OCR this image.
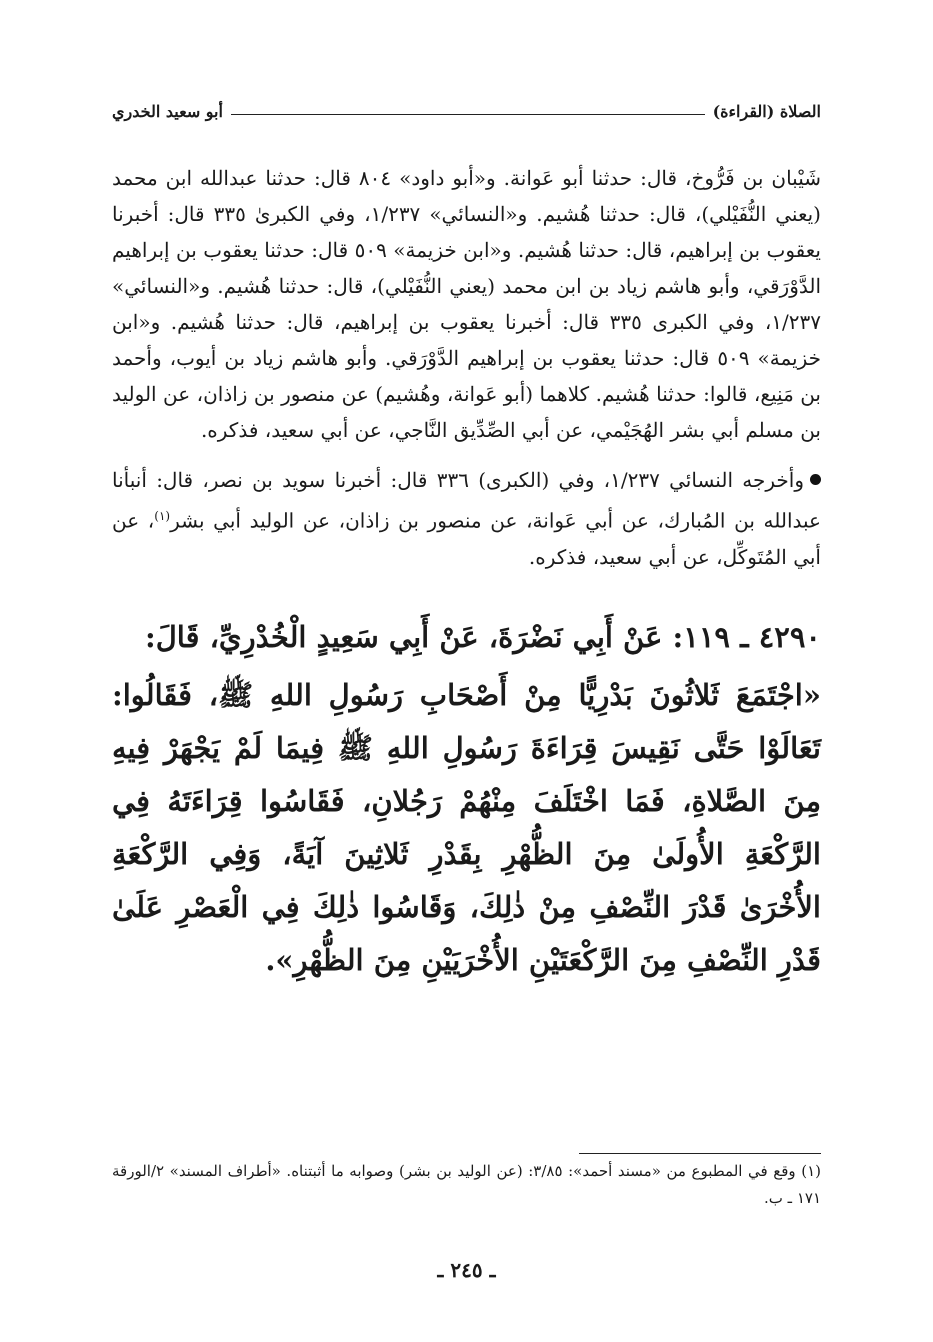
الصلاة (القراءة)
أبو سعيد الخدري

شَيْبان بن فَرُّوخ، قال: حدثنا أبو عَوانة. و«أبو داود» ٨٠٤ قال: حدثنا عبدالله ابن محمد (يعني النُّفَيْلي)، قال: حدثنا هُشيم. و«النسائي» ١/٢٣٧، وفي الكبرىٰ ٣٣٥ قال: أخبرنا يعقوب بن إبراهيم، قال: حدثنا هُشيم. و«ابن خزيمة» ٥٠٩ قال: حدثنا يعقوب بن إبراهيم الدَّوْرَقي، وأبو هاشم زياد بن ابن محمد (يعني النُّفَيْلي)، قال: حدثنا هُشيم. و«النسائي» ١/٢٣٧، وفي الكبرى ٣٣٥ قال: أخبرنا يعقوب بن إبراهيم، قال: حدثنا هُشيم. و«ابن خزيمة» ٥٠٩ قال: حدثنا يعقوب بن إبراهيم الدَّوْرَقي. وأبو هاشم زياد بن أيوب، وأحمد بن مَنِيع، قالوا: حدثنا هُشيم. كلاهما (أبو عَوانة، وهُشيم) عن منصور بن زاذان، عن الوليد بن مسلم أبي بشر الهُجَيْمي، عن أبي الصِّدِّيق النَّاجي، عن أبي سعيد، فذكره.

وأخرجه النسائي ١/٢٣٧، وفي (الكبرى) ٣٣٦ قال: أخبرنا سويد بن نصر، قال: أنبأنا عبدالله بن المُبارك، عن أبي عَوانة، عن منصور بن زاذان، عن الوليد أبي بشر$^{(١)}$، عن أبي المُتَوكِّل، عن أبي سعيد، فذكره.

٤٢٩٠ ـ ١١٩: عَنْ أَبِي نَضْرَةَ، عَنْ أَبِي سَعِيدٍ الْخُدْرِيِّ، قَالَ:

«اجْتَمَعَ ثَلاثُونَ بَدْرِيًّا مِنْ أَصْحَابِ رَسُولِ اللهِ ﷺ، فَقَالُوا: تَعَالَوْا حَتَّى نَقِيسَ قِرَاءَةَ رَسُولِ اللهِ ﷺ فِيمَا لَمْ يَجْهَرْ فِيهِ مِنَ الصَّلاةِ، فَمَا اخْتَلَفَ مِنْهُمْ رَجُلانِ، فَقَاسُوا قِرَاءَتَهُ فِي الرَّكْعَةِ الأُولَىٰ مِنَ الظُّهْرِ بِقَدْرِ ثَلاثِينَ آيَةً، وَفِي الرَّكْعَةِ الأُخْرَىٰ قَدْرَ النِّصْفِ مِنْ ذٰلِكَ، وَقَاسُوا ذٰلِكَ فِي الْعَصْرِ عَلَىٰ قَدْرِ النِّصْفِ مِنَ الرَّكْعَتَيْنِ الأُخْرَيَيْنِ مِنَ الظُّهْرِ».

(١) وقع في المطبوع من «مسند أحمد»: ٣/٨٥: (عن الوليد بن بشر) وصوابه ما أثبتناه. «أطراف المسند» ٢/الورقة ١٧١ ـ ب.

ـ ٢٤٥ ـ
